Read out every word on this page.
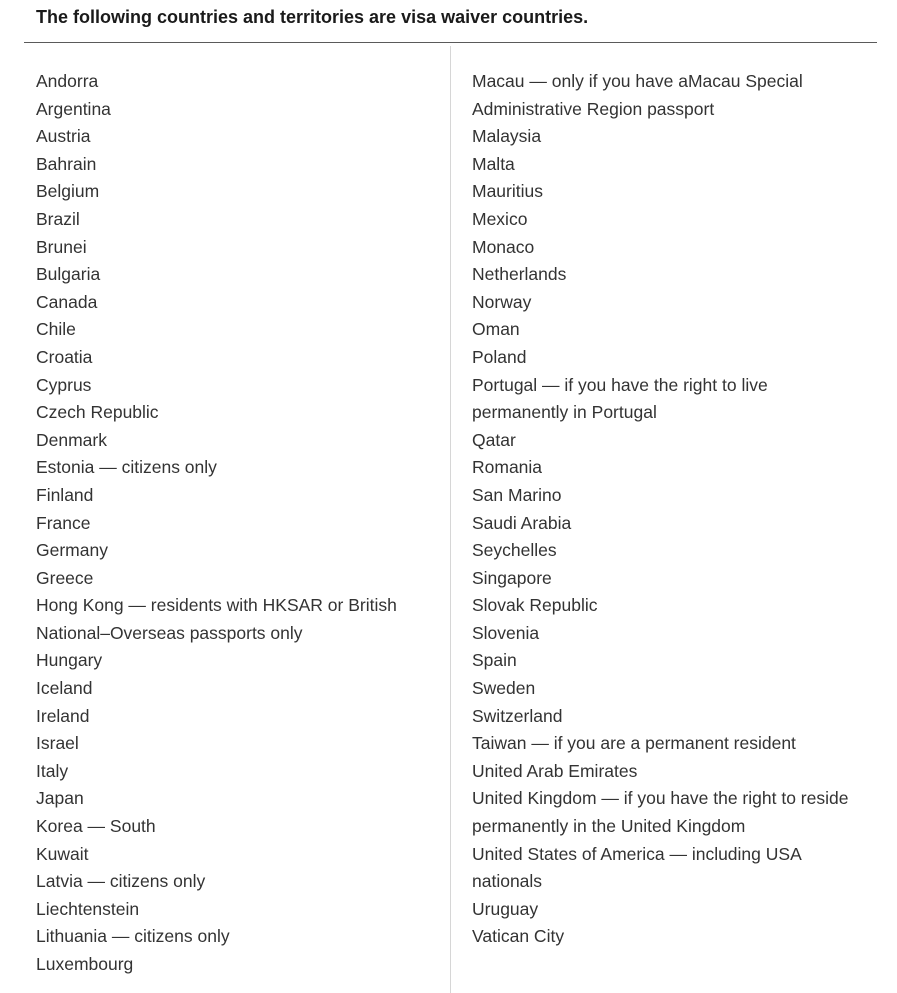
The following countries and territories are visa waiver countries.
Andorra
Argentina
Austria
Bahrain
Belgium
Brazil
Brunei
Bulgaria
Canada
Chile
Croatia
Cyprus
Czech Republic
Denmark
Estonia — citizens only
Finland
France
Germany
Greece
Hong Kong — residents with HKSAR or British
National–Overseas passports only
Hungary
Iceland
Ireland
Israel
Italy
Japan
Korea — South
Kuwait
Latvia — citizens only
Liechtenstein
Lithuania — citizens only
Luxembourg
Macau — only if you have aMacau Special
Administrative Region passport
Malaysia
Malta
Mauritius
Mexico
Monaco
Netherlands
Norway
Oman
Poland
Portugal — if you have the right to live
permanently in Portugal
Qatar
Romania
San Marino
Saudi Arabia
Seychelles
Singapore
Slovak Republic
Slovenia
Spain
Sweden
Switzerland
Taiwan — if you are a permanent resident
United Arab Emirates
United Kingdom — if you have the right to reside
permanently in the United Kingdom
United States of America — including USA
nationals
Uruguay
Vatican City
